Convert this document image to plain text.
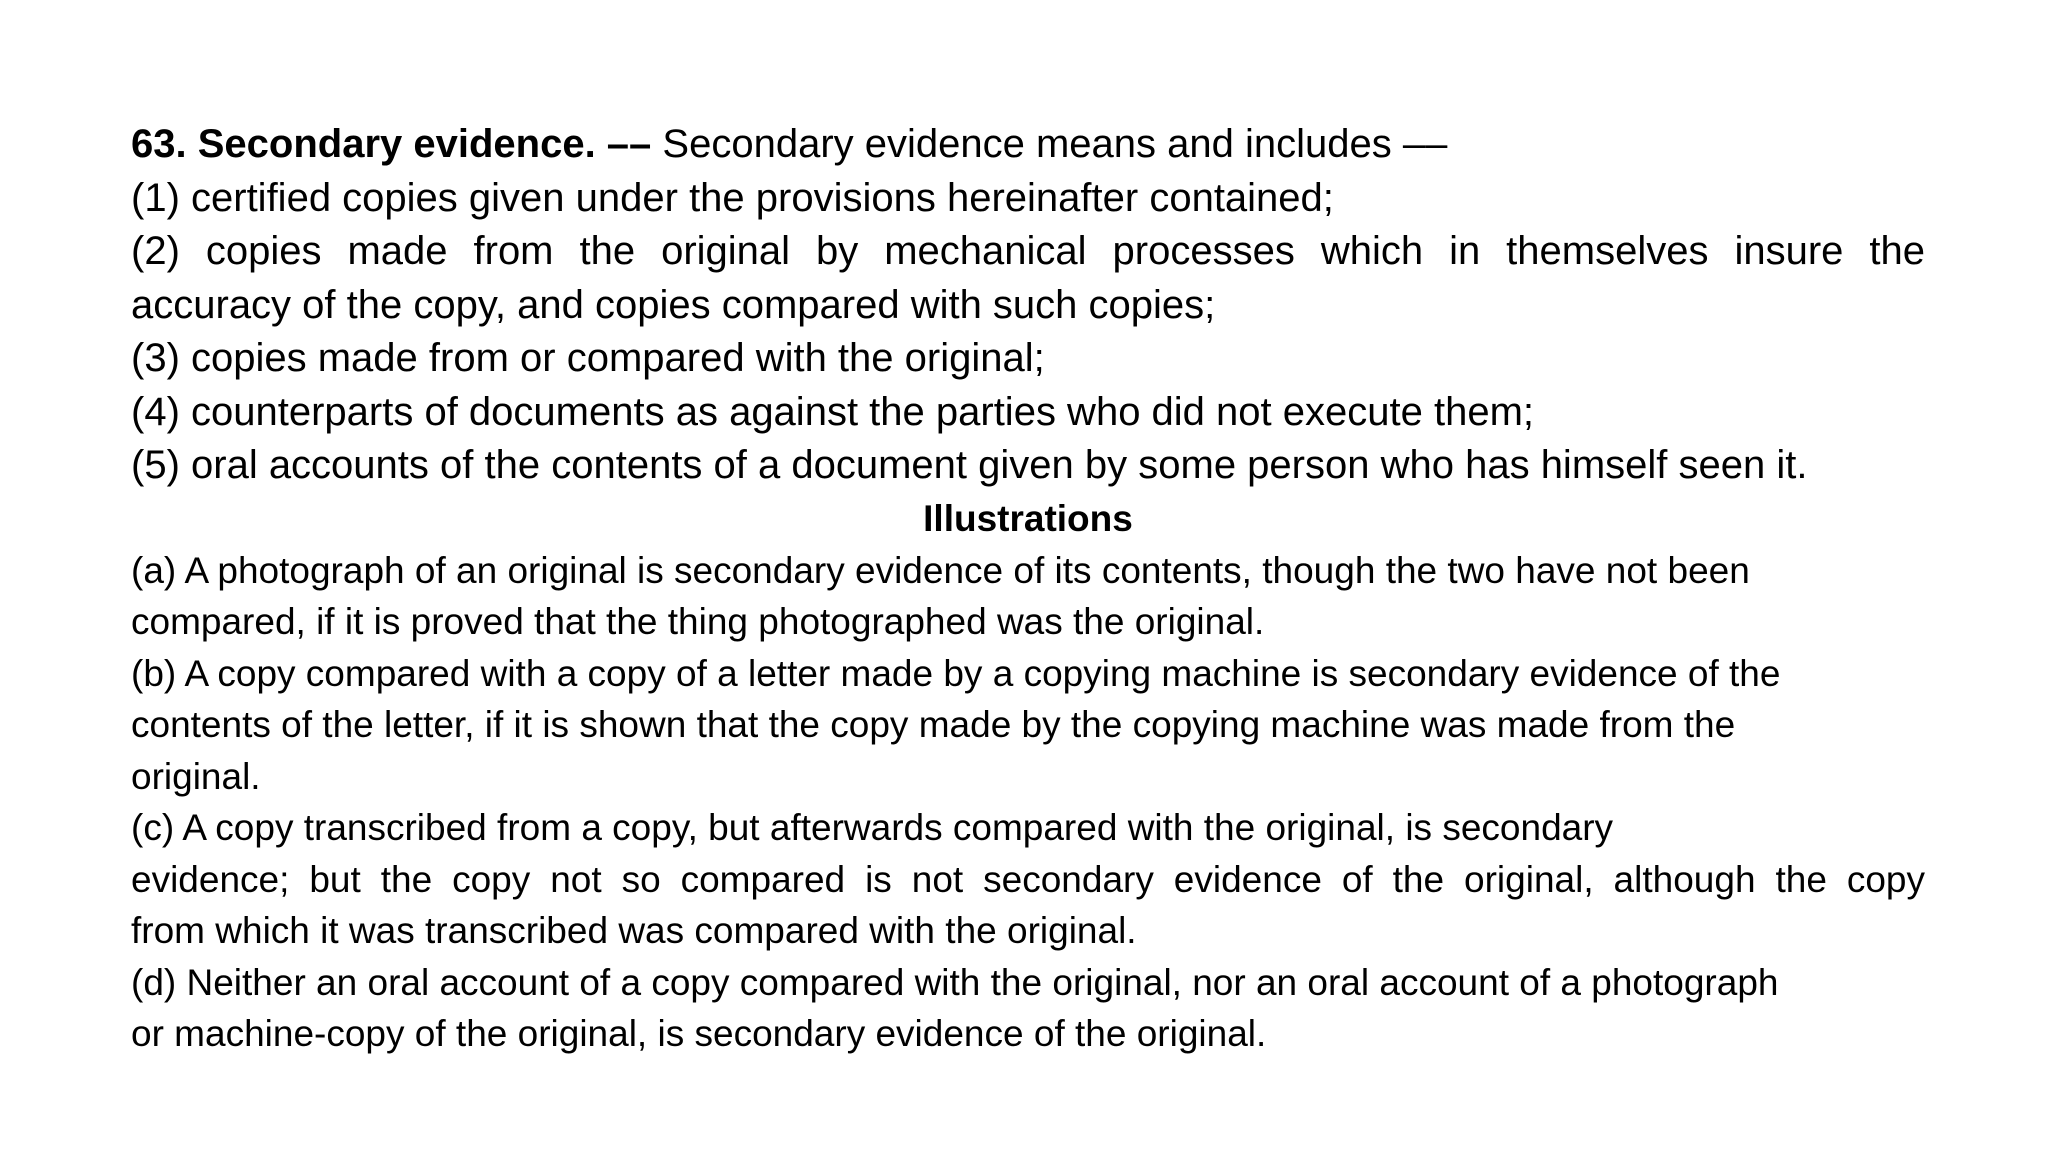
63. Secondary evidence. –– Secondary evidence means and includes ––
(1) certified copies given under the provisions hereinafter contained;
(2) copies made from the original by mechanical processes which in themselves insure the
accuracy of the copy, and copies compared with such copies;
(3) copies made from or compared with the original;
(4) counterparts of documents as against the parties who did not execute them;
(5) oral accounts of the contents of a document given by some person who has himself seen it.
Illustrations
(a) A photograph of an original is secondary evidence of its contents, though the two have not been
compared, if it is proved that the thing photographed was the original.
(b) A copy compared with a copy of a letter made by a copying machine is secondary evidence of the
contents of the letter, if it is shown that the copy made by the copying machine was made from the
original.
(c) A copy transcribed from a copy, but afterwards compared with the original, is secondary
evidence; but the copy not so compared is not secondary evidence of the original, although the copy
from which it was transcribed was compared with the original.
(d) Neither an oral account of a copy compared with the original, nor an oral account of a photograph
or machine-copy of the original, is secondary evidence of the original.
